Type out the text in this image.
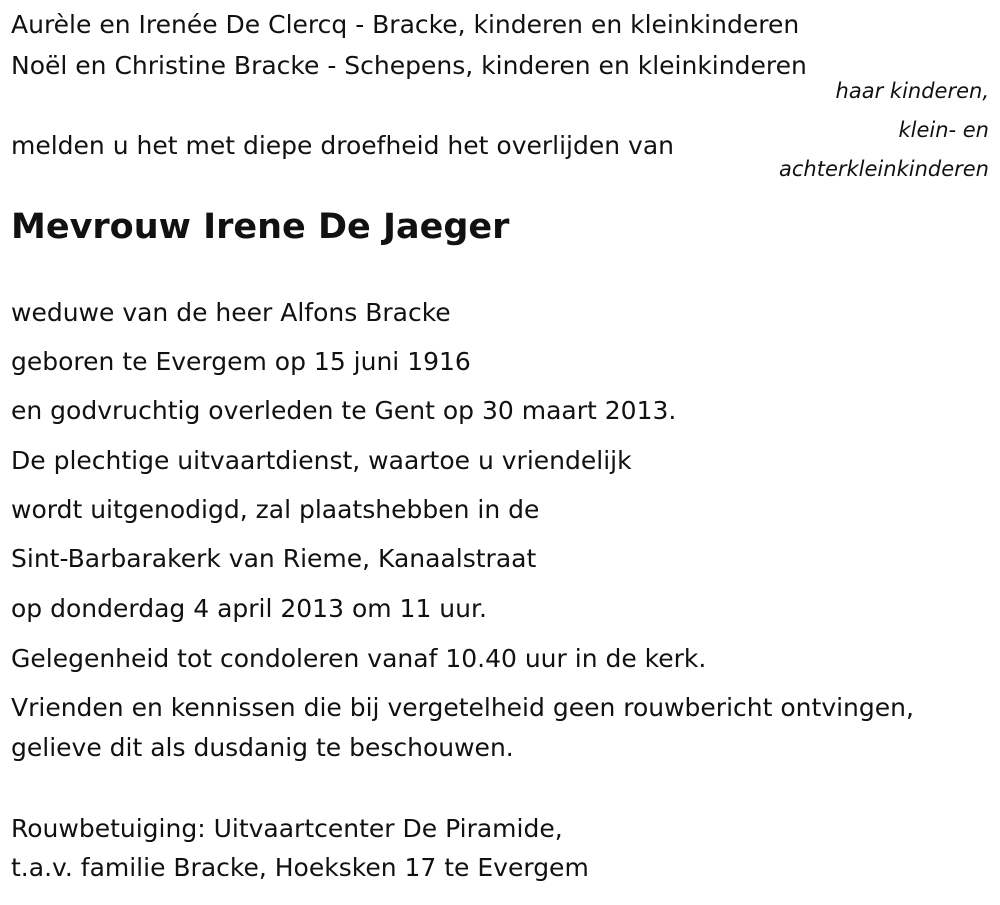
Aurèle en Irenée De Clercq - Bracke, kinderen en kleinkinderen
Noël en Christine Bracke - Schepens, kinderen en kleinkinderen
haar kinderen,
klein- en
achterkleinkinderen
melden u het met diepe droefheid het overlijden van
Mevrouw Irene De Jaeger
weduwe van de heer Alfons Bracke
geboren te Evergem op 15 juni 1916
en godvruchtig overleden te Gent op 30 maart 2013.
De plechtige uitvaartdienst, waartoe u vriendelijk
wordt uitgenodigd, zal plaatshebben in de
Sint-Barbarakerk van Rieme, Kanaalstraat
op donderdag 4 april 2013 om 11 uur.
Gelegenheid tot condoleren vanaf 10.40 uur in de kerk.
Vrienden en kennissen die bij vergetelheid geen rouwbericht ontvingen,
gelieve dit als dusdanig te beschouwen.
Rouwbetuiging: Uitvaartcenter De Piramide,
t.a.v. familie Bracke, Hoeksken 17 te Evergem
